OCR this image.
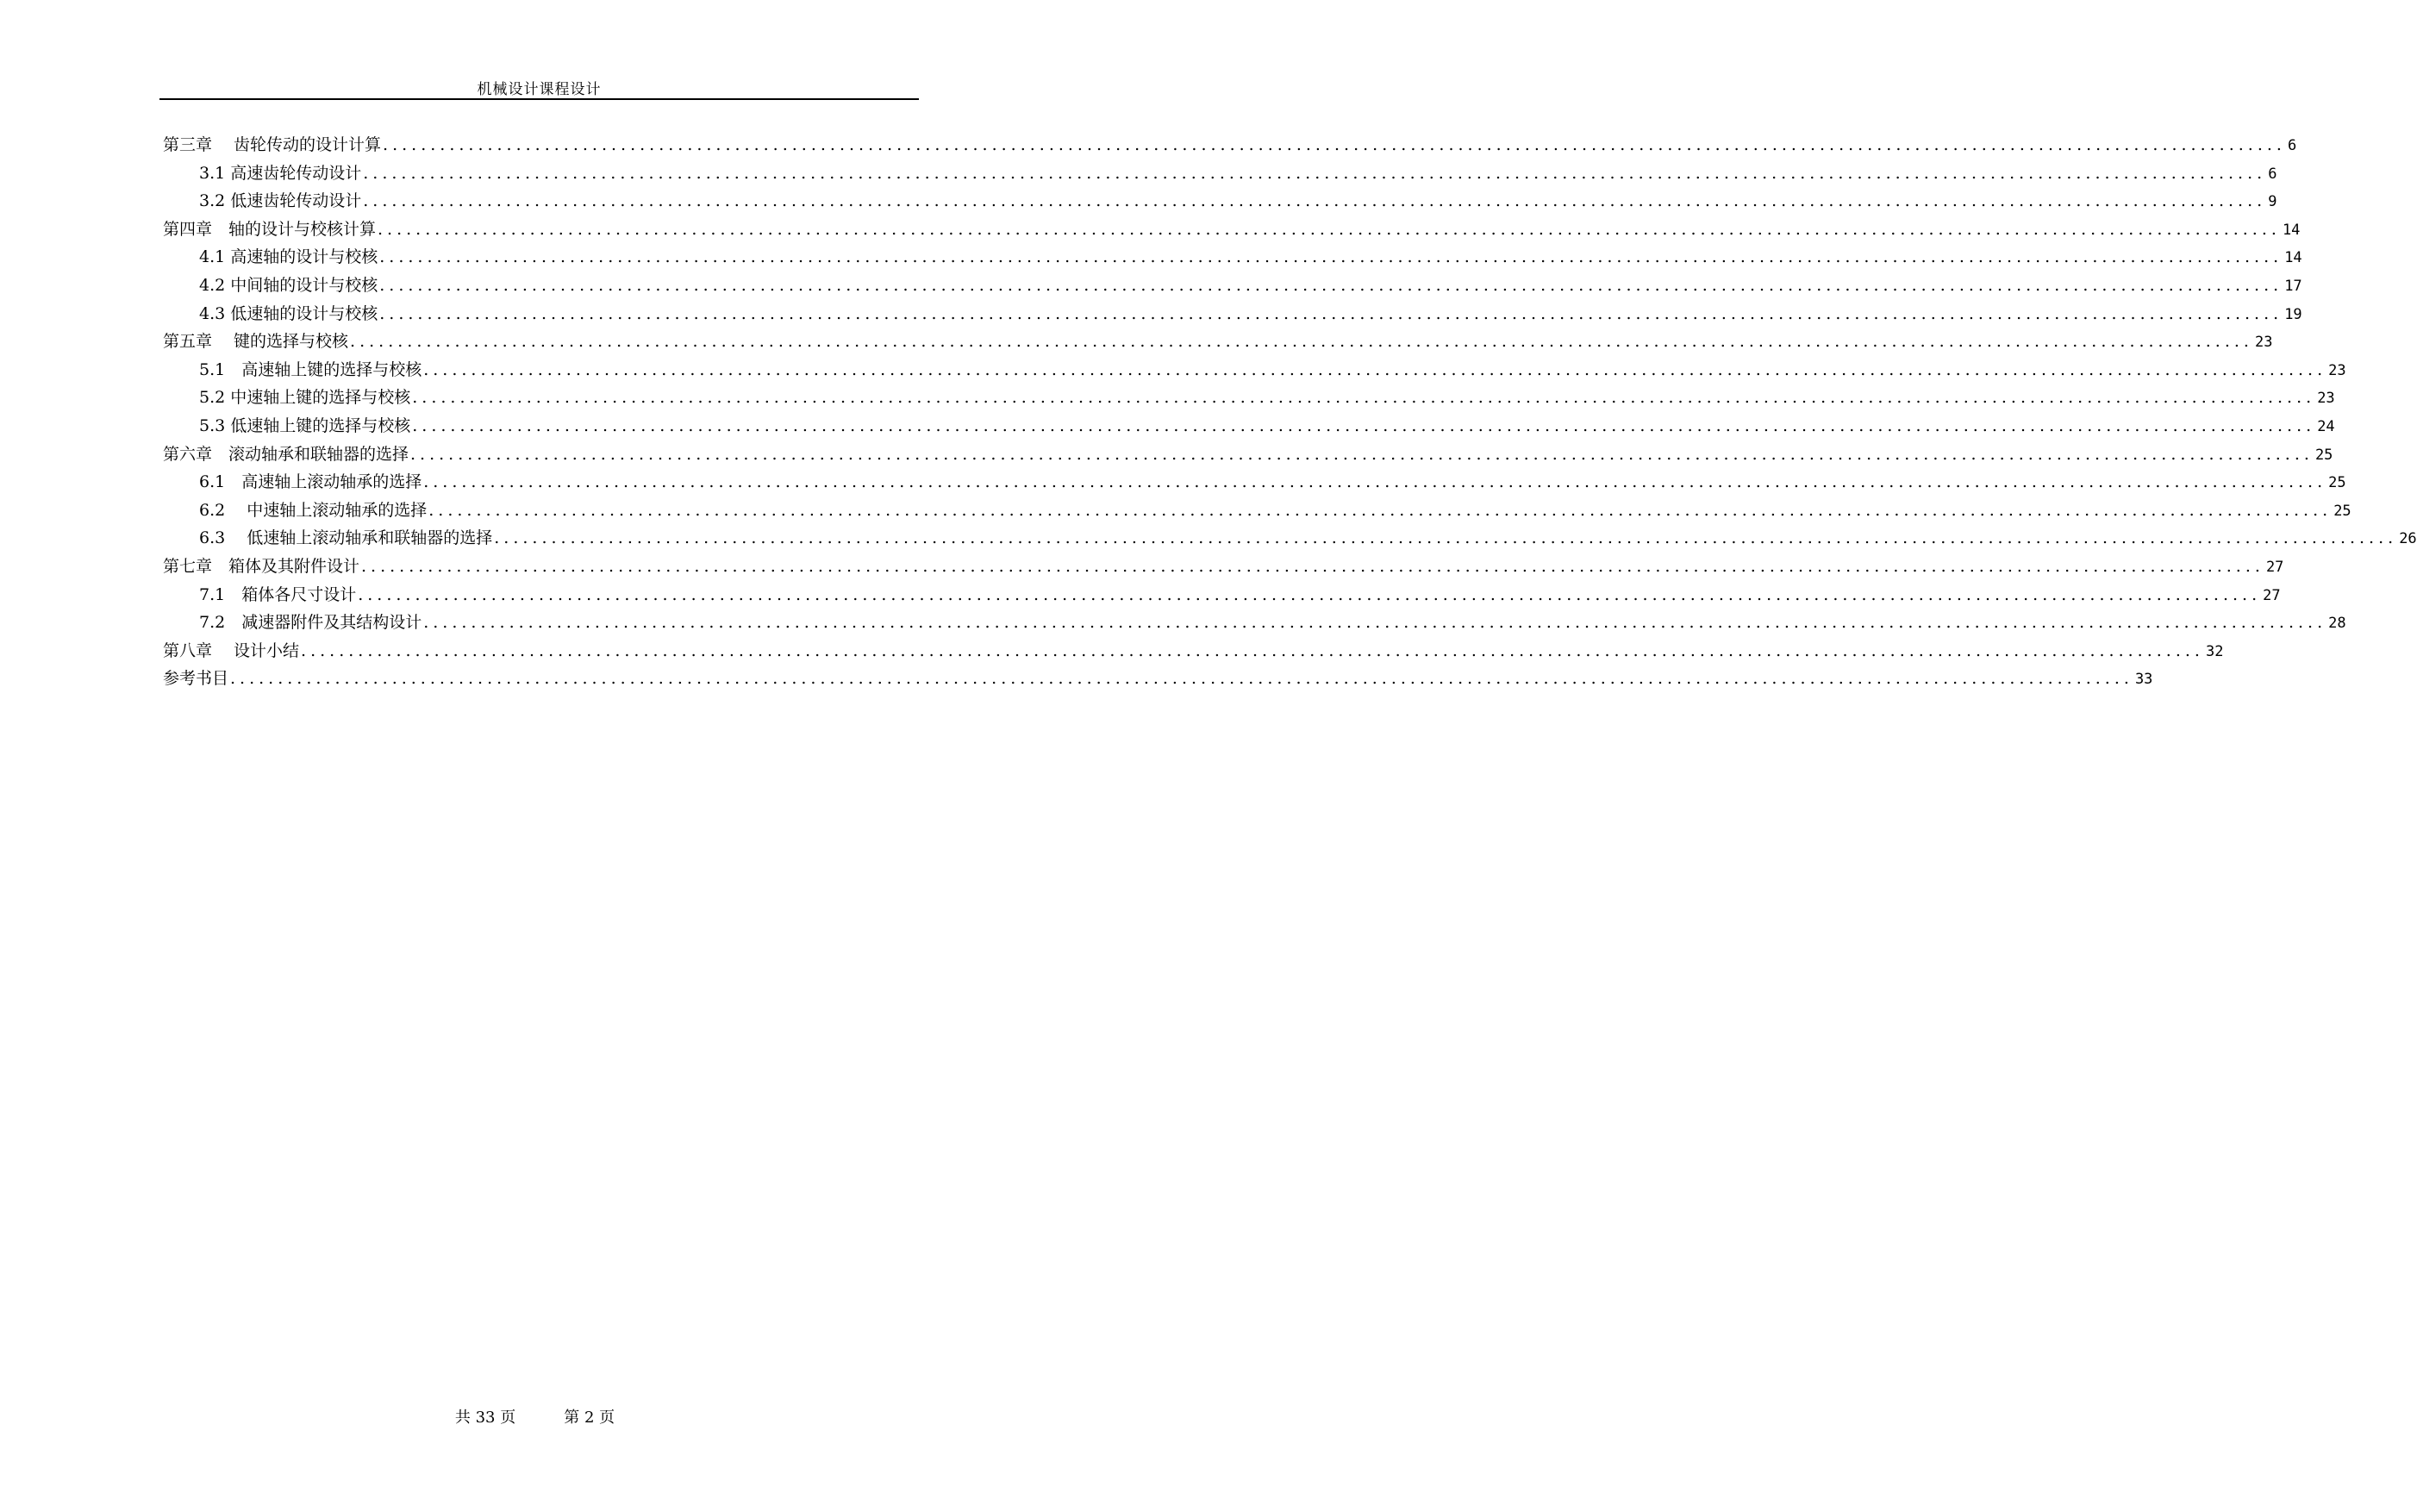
机械设计课程设计
第三章　 齿轮传动的设计计算 ........................................................................................................................................................................................................ 6
3.1 高速齿轮传动设计 ........................................................................................................................................................................................................ 6
3.2 低速齿轮传动设计 ........................................................................................................................................................................................................ 9
第四章　轴的设计与校核计算 ........................................................................................................................................................................................................ 14
4.1 高速轴的设计与校核 ........................................................................................................................................................................................................ 14
4.2 中间轴的设计与校核 ........................................................................................................................................................................................................ 17
4.3 低速轴的设计与校核 ........................................................................................................................................................................................................ 19
第五章　 键的选择与校核 ........................................................................................................................................................................................................ 23
5.1　高速轴上键的选择与校核 ........................................................................................................................................................................................................ 23
5.2 中速轴上键的选择与校核 ........................................................................................................................................................................................................ 23
5.3 低速轴上键的选择与校核 ........................................................................................................................................................................................................ 24
第六章　滚动轴承和联轴器的选择 ........................................................................................................................................................................................................ 25
6.1　高速轴上滚动轴承的选择 ........................................................................................................................................................................................................ 25
6.2　 中速轴上滚动轴承的选择 ........................................................................................................................................................................................................ 25
6.3　 低速轴上滚动轴承和联轴器的选择 ........................................................................................................................................................................................................ 26
第七章　箱体及其附件设计 ........................................................................................................................................................................................................ 27
7.1　箱体各尺寸设计 ........................................................................................................................................................................................................ 27
7.2　减速器附件及其结构设计 ........................................................................................................................................................................................................ 28
第八章　 设计小结 ........................................................................................................................................................................................................ 32
参考书目 ........................................................................................................................................................................................................ 33
共 33 页	第 2 页
